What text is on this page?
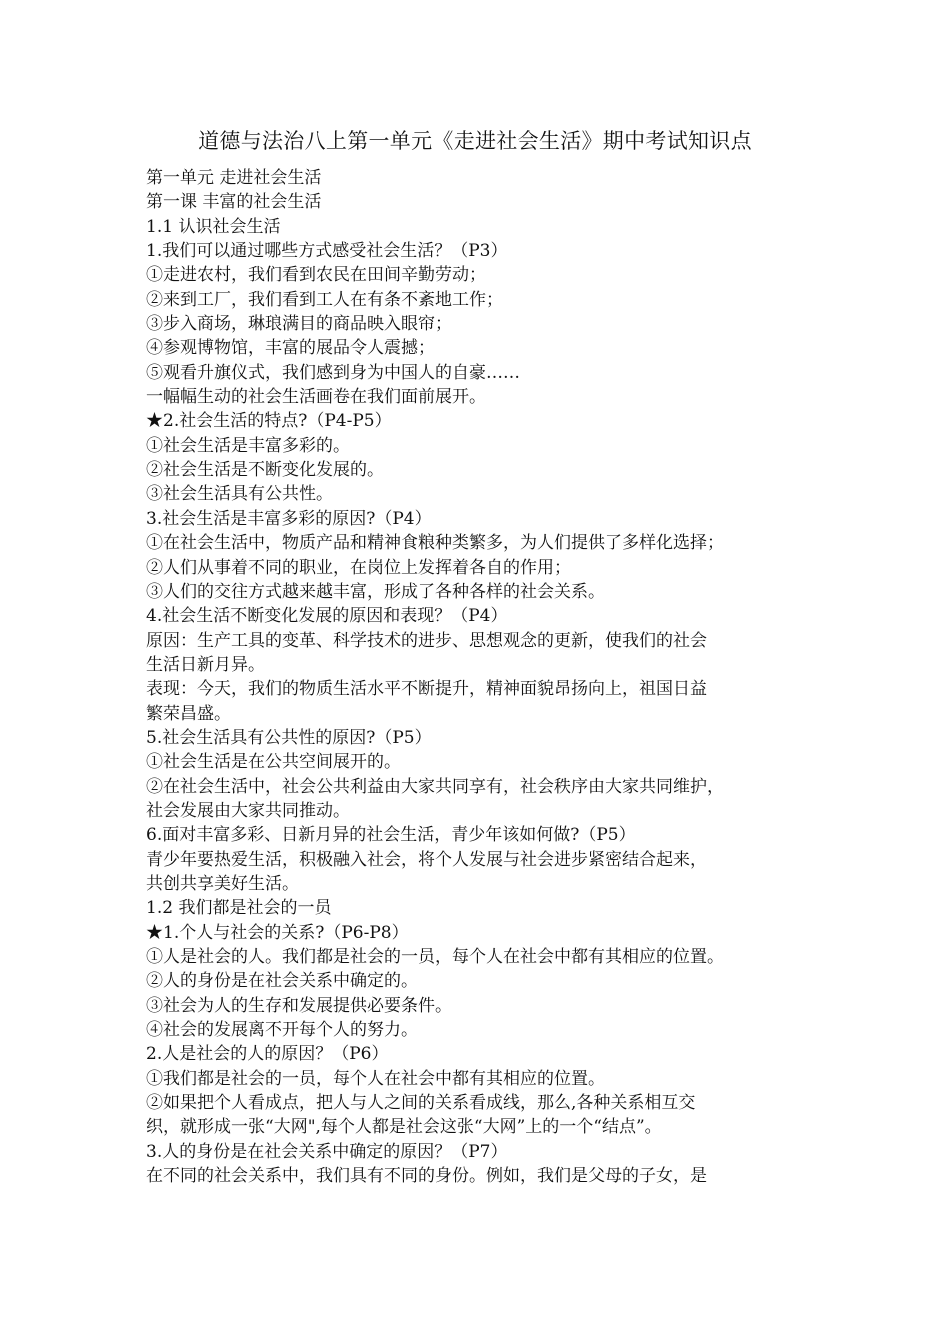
道德与法治八上第一单元《走进社会生活》期中考试知识点
第一单元 走进社会生活
第一课 丰富的社会生活
1.1 认识社会生活
1.我们可以通过哪些方式感受社会生活？（P3）
①走进农村，我们看到农民在田间辛勤劳动；
②来到工厂，我们看到工人在有条不紊地工作；
③步入商场，琳琅满目的商品映入眼帘；
④参观博物馆，丰富的展品令人震撼；
⑤观看升旗仪式，我们感到身为中国人的自豪……
一幅幅生动的社会生活画卷在我们面前展开。
★2.社会生活的特点?（P4-P5）
①社会生活是丰富多彩的。
②社会生活是不断变化发展的。
③社会生活具有公共性。
3.社会生活是丰富多彩的原因?（P4）
①在社会生活中，物质产品和精神食粮种类繁多，为人们提供了多样化选择；
②人们从事着不同的职业，在岗位上发挥着各自的作用；
③人们的交往方式越来越丰富，形成了各种各样的社会关系。
4.社会生活不断变化发展的原因和表现？（P4）
原因：生产工具的变革、科学技术的进步、思想观念的更新，使我们的社会
生活日新月异。
表现：今天，我们的物质生活水平不断提升，精神面貌昂扬向上，祖国日益
繁荣昌盛。
5.社会生活具有公共性的原因?（P5）
①社会生活是在公共空间展开的。
②在社会生活中，社会公共利益由大家共同享有，社会秩序由大家共同维护，
社会发展由大家共同推动。
6.面对丰富多彩、日新月异的社会生活，青少年该如何做?（P5）
青少年要热爱生活，积极融入社会，将个人发展与社会进步紧密结合起来，
共创共享美好生活。
1.2 我们都是社会的一员
★1.个人与社会的关系?（P6-P8）
①人是社会的人。我们都是社会的一员，每个人在社会中都有其相应的位置。
②人的身份是在社会关系中确定的。
③社会为人的生存和发展提供必要条件。
④社会的发展离不开每个人的努力。
2.人是社会的人的原因？（P6）
①我们都是社会的一员，每个人在社会中都有其相应的位置。
②如果把个人看成点，把人与人之间的关系看成线，那么,各种关系相互交
织，就形成一张“大网",每个人都是社会这张“大网”上的一个“结点”。
3.人的身份是在社会关系中确定的原因？（P7）
在不同的社会关系中，我们具有不同的身份。例如，我们是父母的子女，是
